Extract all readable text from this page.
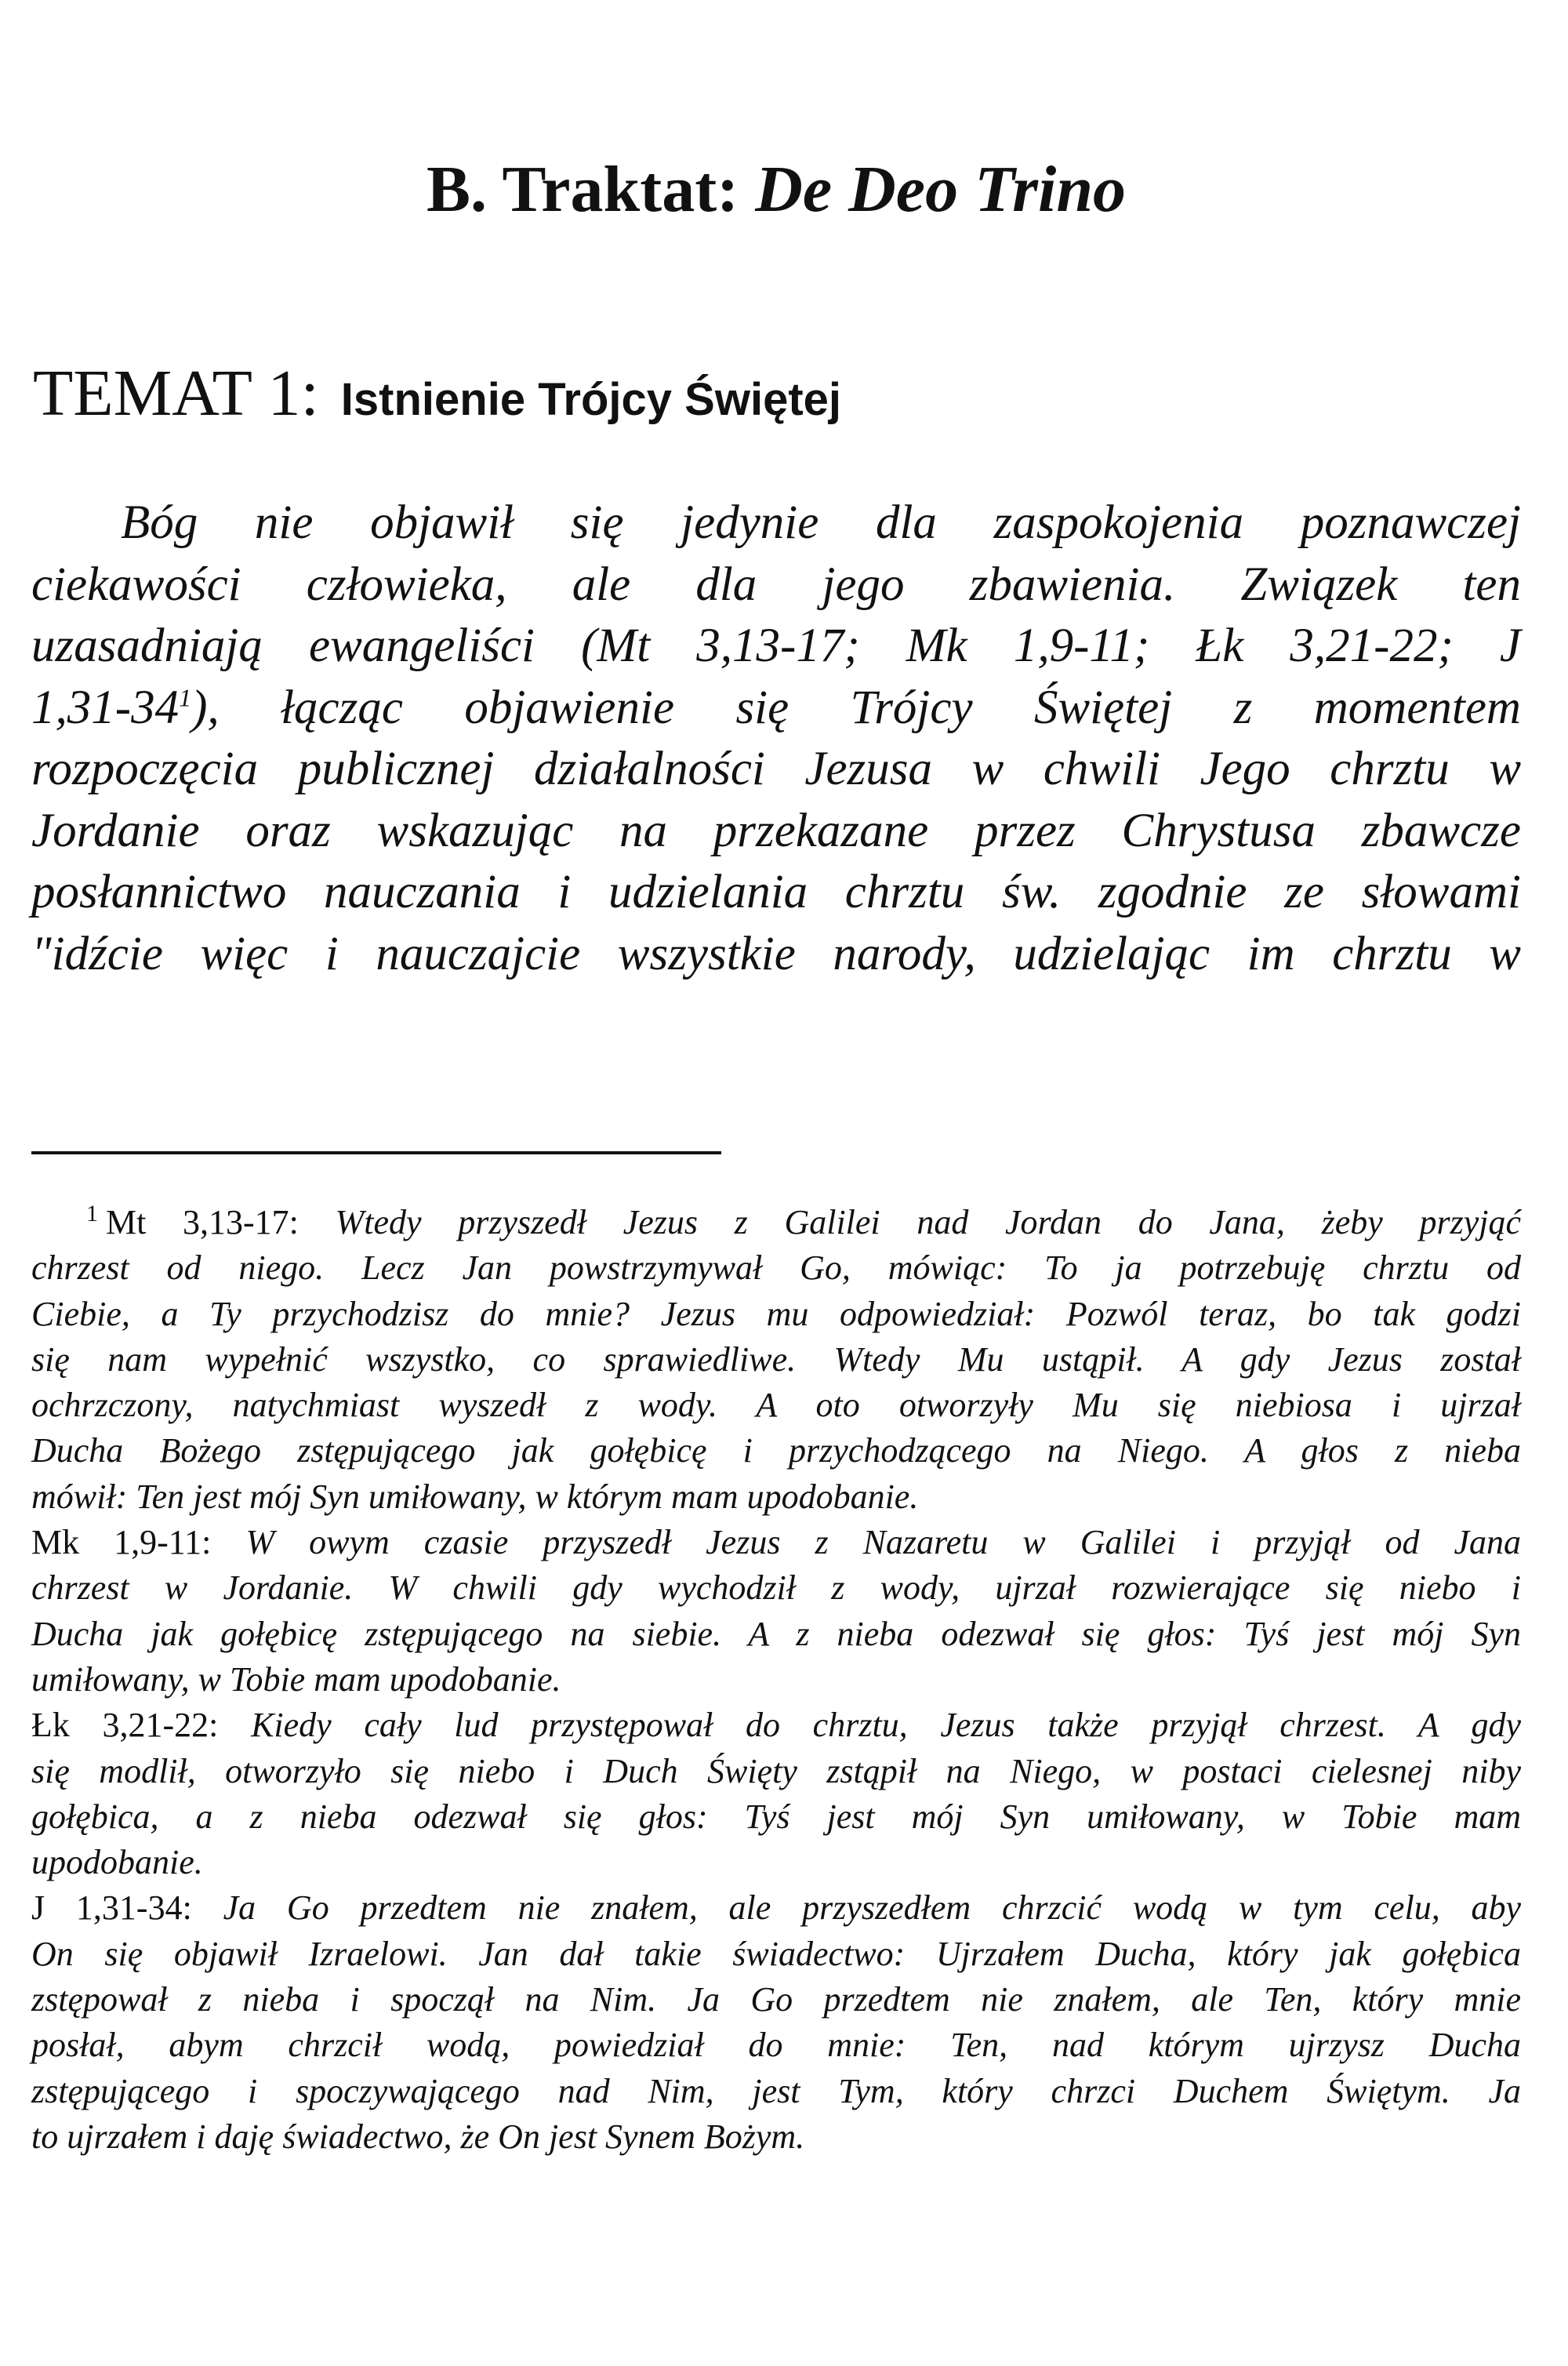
B. Traktat: De Deo Trino
TEMAT 1: Istnienie Trójcy Świętej
Bóg nie objawił się jedynie dla zaspokojenia poznawczej
ciekawości człowieka, ale dla jego zbawienia. Związek ten
uzasadniają ewangeliści (Mt 3,13-17; Mk 1,9-11; Łk 3,21-22; J
$1,31-34^1$), łącząc objawienie się Trójcy Świętej z momentem
rozpoczęcia publicznej działalności Jezusa w chwili Jego chrztu w
Jordanie oraz wskazując na przekazane przez Chrystusa zbawcze
posłannictwo nauczania i udzielania chrztu św. zgodnie ze słowami
"idźcie więc i nauczajcie wszystkie narody, udzielając im chrztu w
$^1$ Mt 3,13-17: Wtedy przyszedł Jezus z Galilei nad Jordan do Jana, żeby przyjąć
chrzest od niego. Lecz Jan powstrzymywał Go, mówiąc: To ja potrzebuję chrztu od
Ciebie, a Ty przychodzisz do mnie? Jezus mu odpowiedział: Pozwól teraz, bo tak godzi
się nam wypełnić wszystko, co sprawiedliwe. Wtedy Mu ustąpił. A gdy Jezus został
ochrzczony, natychmiast wyszedł z wody. A oto otworzyły Mu się niebiosa i ujrzał
Ducha Bożego zstępującego jak gołębicę i przychodzącego na Niego. A głos z nieba
mówił: Ten jest mój Syn umiłowany, w którym mam upodobanie.
Mk 1,9-11: W owym czasie przyszedł Jezus z Nazaretu w Galilei i przyjął od Jana
chrzest w Jordanie. W chwili gdy wychodził z wody, ujrzał rozwierające się niebo i
Ducha jak gołębicę zstępującego na siebie. A z nieba odezwał się głos: Tyś jest mój Syn
umiłowany, w Tobie mam upodobanie.
Łk 3,21-22: Kiedy cały lud przystępował do chrztu, Jezus także przyjął chrzest. A gdy
się modlił, otworzyło się niebo i Duch Święty zstąpił na Niego, w postaci cielesnej niby
gołębica, a z nieba odezwał się głos: Tyś jest mój Syn umiłowany, w Tobie mam
upodobanie.
J 1,31-34: Ja Go przedtem nie znałem, ale przyszedłem chrzcić wodą w tym celu, aby
On się objawił Izraelowi. Jan dał takie świadectwo: Ujrzałem Ducha, który jak gołębica
zstępował z nieba i spoczął na Nim. Ja Go przedtem nie znałem, ale Ten, który mnie
posłał, abym chrzcił wodą, powiedział do mnie: Ten, nad którym ujrzysz Ducha
zstępującego i spoczywającego nad Nim, jest Tym, który chrzci Duchem Świętym. Ja
to ujrzałem i daję świadectwo, że On jest Synem Bożym.
